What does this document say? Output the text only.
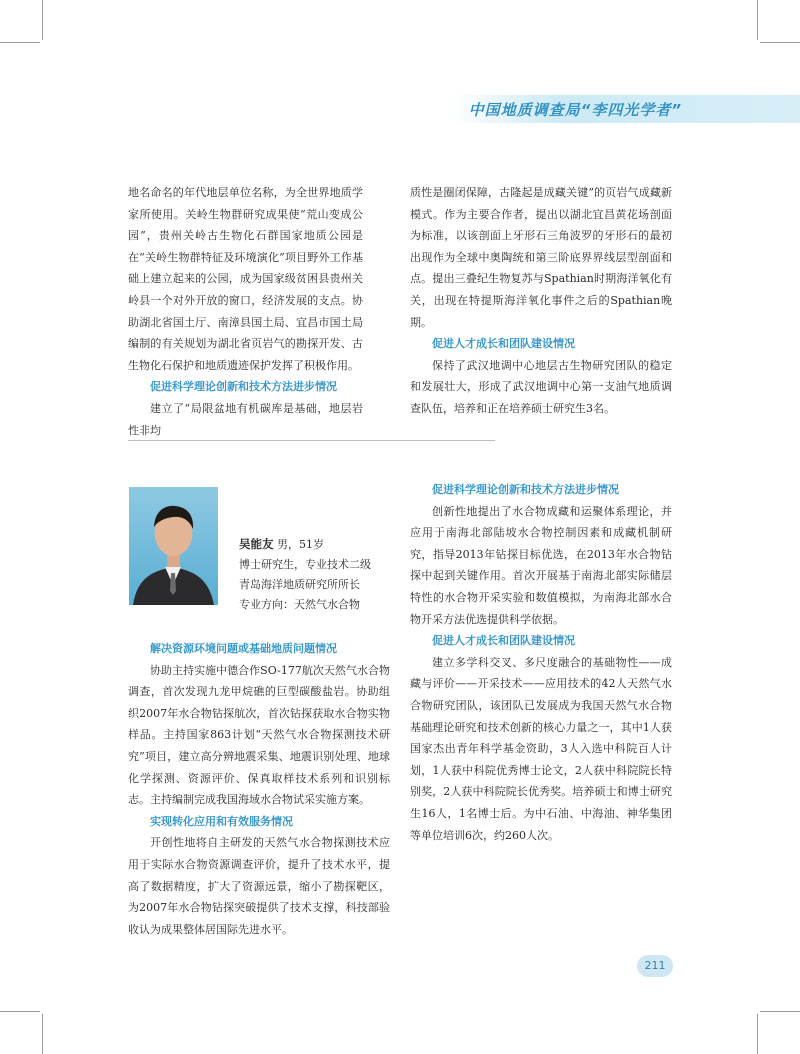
中国地质调查局“李四光学者”

地名命名的年代地层单位名称，为全世界地质学家所使用。关岭生物群研究成果使“荒山变成公园”，贵州关岭古生物化石群国家地质公园是在“关岭生物群特征及环境演化”项目野外工作基础上建立起来的公园，成为国家级贫困县贵州关岭县一个对外开放的窗口，经济发展的支点。协助湖北省国土厅、南漳县国土局、宜昌市国土局编制的有关规划为湖北省页岩气的勘探开发、古生物化石保护和地质遗迹保护发挥了积极作用。

促进科学理论创新和技术方法进步情况

建立了“局限盆地有机碳库是基础，地层岩性非均

质性是圈闭保障，古隆起是成藏关键”的页岩气成藏新模式。作为主要合作者，提出以湖北宜昌黄花场剖面为标准，以该剖面上牙形石三角波罗的牙形石的最初出现作为全球中奥陶统和第三阶底界界线层型剖面和点。提出三叠纪生物复苏与Spathian时期海洋氧化有关，出现在特提斯海洋氧化事件之后的Spathian晚期。

促进人才成长和团队建设情况

保持了武汉地调中心地层古生物研究团队的稳定和发展壮大，形成了武汉地调中心第一支油气地质调查队伍，培养和正在培养硕士研究生3名。

吴能友 男，51岁
博士研究生，专业技术二级
青岛海洋地质研究所所长
专业方向：天然气水合物
解决资源环境问题或基础地质问题情况

协助主持实施中德合作SO-177航次天然气水合物调查，首次发现九龙甲烷礁的巨型碳酸盐岩。协助组织2007年水合物钻探航次，首次钻探获取水合物实物样品。主持国家863计划“天然气水合物探测技术研究”项目，建立高分辨地震采集、地震识别处理、地球化学探测、资源评价、保真取样技术系列和识别标志。主持编制完成我国海域水合物试采实施方案。

实现转化应用和有效服务情况

开创性地将自主研发的天然气水合物探测技术应用于实际水合物资源调查评价，提升了技术水平，提高了数据精度，扩大了资源远景，缩小了勘探靶区，为2007年水合物钻探突破提供了技术支撑，科技部验收认为成果整体居国际先进水平。

促进科学理论创新和技术方法进步情况

创新性地提出了水合物成藏和运聚体系理论，并应用于南海北部陆坡水合物控制因素和成藏机制研究，指导2013年钻探目标优选，在2013年水合物钻探中起到关键作用。首次开展基于南海北部实际储层特性的水合物开采实验和数值模拟，为南海北部水合物开采方法优选提供科学依据。

促进人才成长和团队建设情况

建立多学科交叉、多尺度融合的基础物性——成藏与评价——开采技术——应用技术的42人天然气水合物研究团队，该团队已发展成为我国天然气水合物基础理论研究和技术创新的核心力量之一，其中1人获国家杰出青年科学基金资助，3人入选中科院百人计划，1人获中科院优秀博士论文，2人获中科院院长特别奖，2人获中科院院长优秀奖。培养硕士和博士研究生16人，1名博士后。为中石油、中海油、神华集团等单位培训6次，约260人次。

211
